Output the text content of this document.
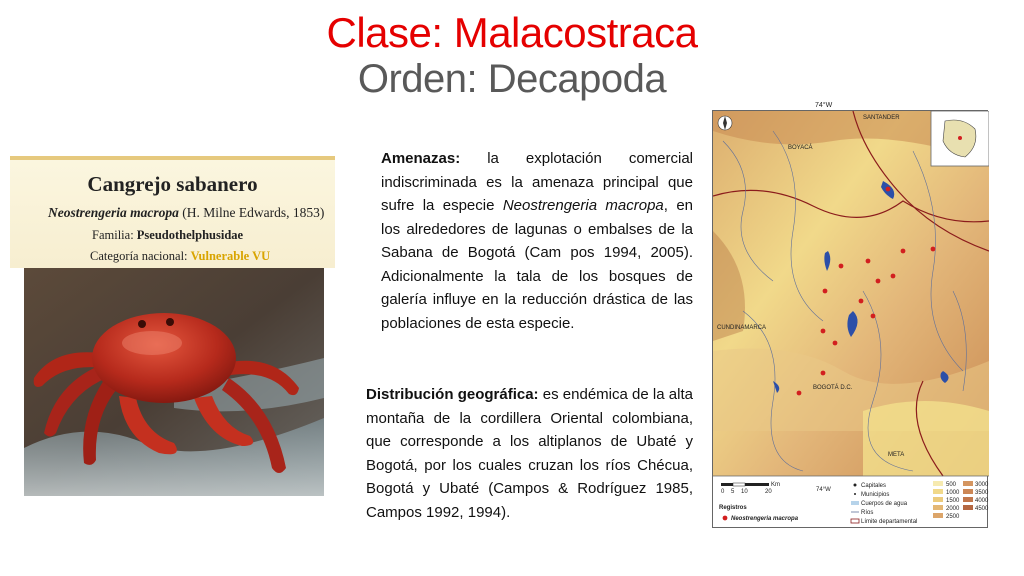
Clase: Malacostraca
Orden: Decapoda
Cangrejo sabanero
Neostrengeria macropa (H. Milne Edwards, 1853)
Familia: Pseudothelphusidae
Categoría nacional: Vulnerable VU

Amenazas: la explotación comercial indiscriminada es la amenaza principal que sufre la especie Neostrengeria macropa, en los alrededores de lagunas o embalses de la Sabana de Bogotá (Cam pos 1994, 2005). Adicionalmente la tala de los bosques de galería influye en la reducción drástica de las poblaciones de esta especie.

Distribución geográfica: es endémica de la alta montaña de la cordillera Oriental colombiana, que corresponde a los altiplanos de Ubaté y Bogotá, por los cuales cruzan los ríos Chécua, Bogotá y Ubaté (Campos & Rodríguez 1985, Campos 1992, 1994).

SANTANDER
BOYACÁ
CUNDINAMARCA
BOGOTÁ D.C.
META
0 5 10	20
Km
74°W
Registros
Neostrengeria macropa
Capitales
Municipios
Cuerpos de agua
Ríos
Límite departamental
500
1000
1500
2000
2500
3000
3500
4000
4500
74°W
